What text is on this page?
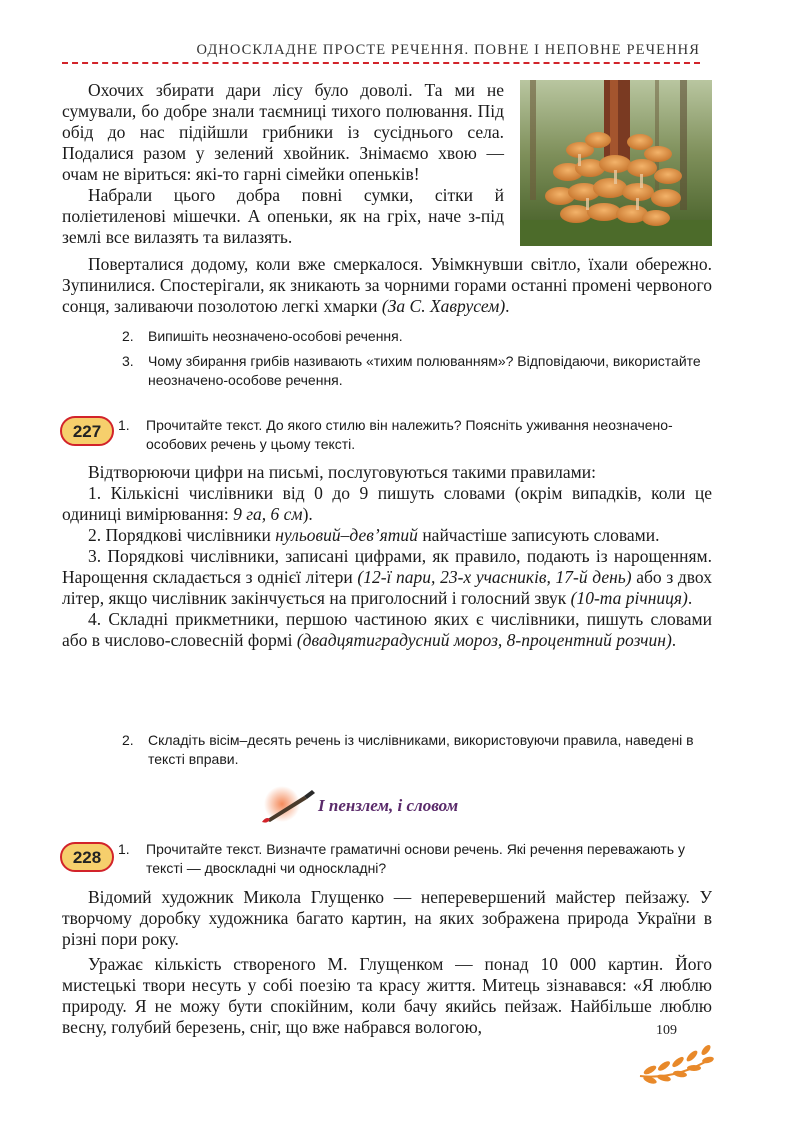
ОДНОСКЛАДНЕ ПРОСТЕ РЕЧЕННЯ. ПОВНЕ І НЕПОВНЕ РЕЧЕННЯ

Охочих збирати дари лісу було доволі. Та ми не сумували, бо добре знали таємниці тихого полювання. Під обід до нас підійшли грибники із сусіднього села. Подалися разом у зелений хвойник. Знімаємо хвою — очам не віриться: які-то гарні сімейки опеньків!

Набрали цього добра повні сумки, сітки й поліетиленові мішечки. А опеньки, як на гріх, наче з-під землі все вилазять та вилазять.

Поверталися додому, коли вже смеркалося. Увімкнувши світло, їхали обережно. Зупинилися. Спостерігали, як зникають за чорними горами останні промені червоного сонця, заливаючи позолотою легкі хмарки (За С. Хаврусем).

2.	Випишіть неозначено-особові речення.
3.	Чому збирання грибів називають «тихим полюванням»? Відповідаючи, використайте неозначено-особове речення.
227 1. Прочитайте текст. До якого стилю він належить? Поясніть уживання неозначено-особових речень у цьому тексті.

Відтворюючи цифри на письмі, послуговуються такими правилами:

1. Кількісні числівники від 0 до 9 пишуть словами (окрім випадків, коли це одиниці вимірювання: 9 га, 6 см).

2. Порядкові числівники нульовий–дев’ятий найчастіше записують словами.

3. Порядкові числівники, записані цифрами, як правило, подають із нарощенням. Нарощення складається з однієї літери (12-ї пари, 23-х учасників, 17-й день) або з двох літер, якщо числівник закінчується на приголосний і голосний звук (10-та річниця).

4. Складні прикметники, першою частиною яких є числівники, пишуть словами або в числово-словесній формі (двадцятиградусний мороз, 8-процентний розчин).

2.	Складіть вісім–десять речень із числівниками, використовуючи правила, наведені в тексті вправи.
І пензлем, і словом
228 1. Прочитайте текст. Визначте граматичні основи речень. Які речення переважають у тексті — двоскладні чи односкладні?

Відомий художник Микола Глущенко — неперевершений майстер пейзажу. У творчому доробку художника багато картин, на яких зображена природа України в різні пори року.

Уражає кількість створеного М. Глущенком — понад 10 000 картин. Його мистецькі твори несуть у собі поезію та красу життя. Митець зізнавався: «Я люблю природу. Я не можу бути спокійним, коли бачу якийсь пейзаж. Найбільше люблю весну, голубий березень, сніг, що вже набрався вологою,	109
